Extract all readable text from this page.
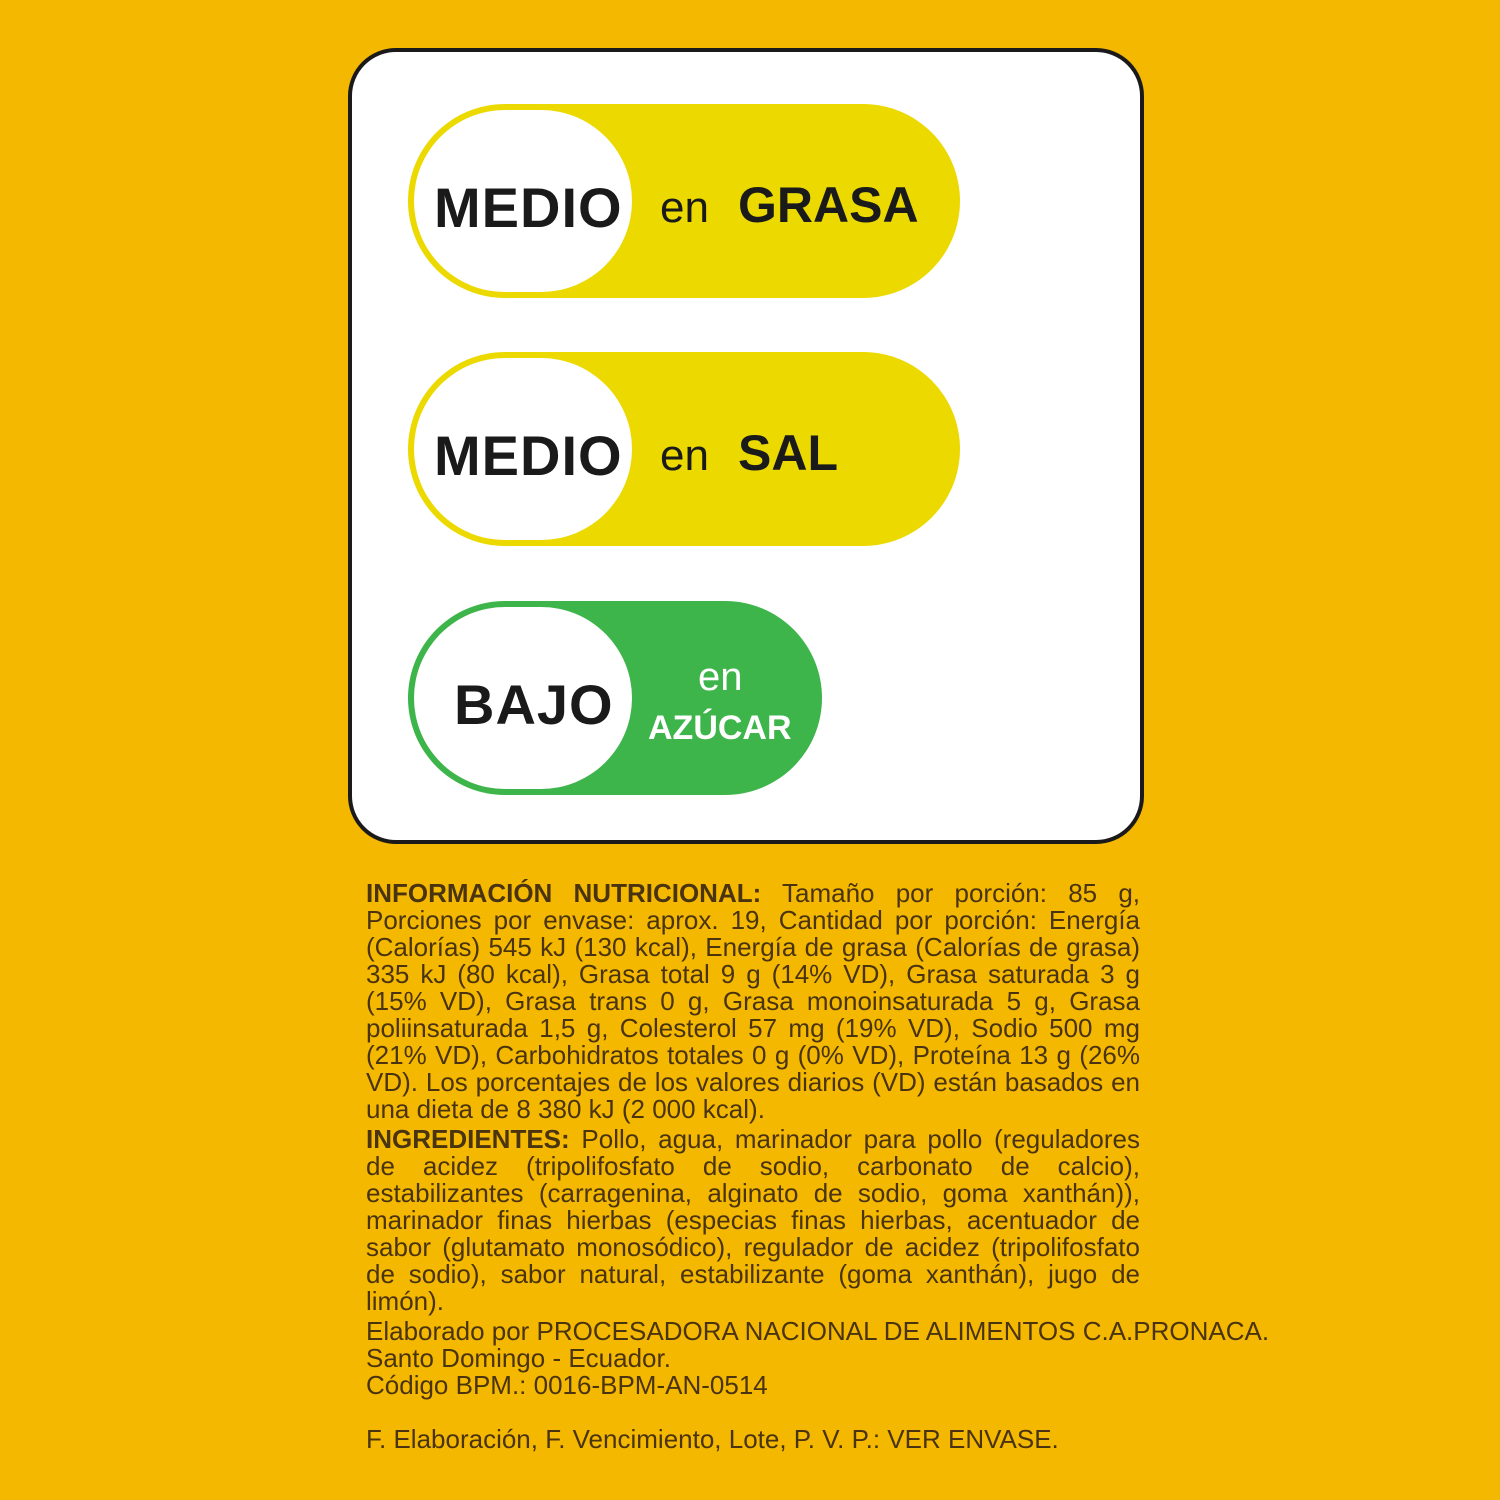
MEDIO en GRASA
MEDIO en SAL
BAJO en
AZÚCAR
INFORMACIÓN NUTRICIONAL: Tamaño por porción: 85 g, Porciones por envase: aprox. 19, Cantidad por porción: Energía (Calorías) 545 kJ (130 kcal), Energía de grasa (Calorías de grasa) 335 kJ (80 kcal), Grasa total 9 g (14% VD), Grasa saturada 3 g (15% VD), Grasa trans 0 g, Grasa monoinsaturada 5 g, Grasa poliinsaturada 1,5 g, Colesterol 57 mg (19% VD), Sodio 500 mg (21% VD), Carbohidratos totales 0 g (0% VD), Proteína 13 g (26% VD). Los porcentajes de los valores diarios (VD) están basados en una dieta de 8 380 kJ (2 000 kcal).
INGREDIENTES: Pollo, agua, marinador para pollo (reguladores de acidez (tripolifosfato de sodio, carbonato de calcio), estabilizantes (carragenina, alginato de sodio, goma xanthán)), marinador finas hierbas (especias finas hierbas, acentuador de sabor (glutamato monosódico), regulador de acidez (tripolifosfato de sodio), sabor natural, estabilizante (goma xanthán), jugo de limón).
Elaborado por PROCESADORA NACIONAL DE ALIMENTOS C.A.PRONACA.
Santo Domingo - Ecuador.
Código BPM.: 0016-BPM-AN-0514
F. Elaboración, F. Vencimiento, Lote, P. V. P.: VER ENVASE.
